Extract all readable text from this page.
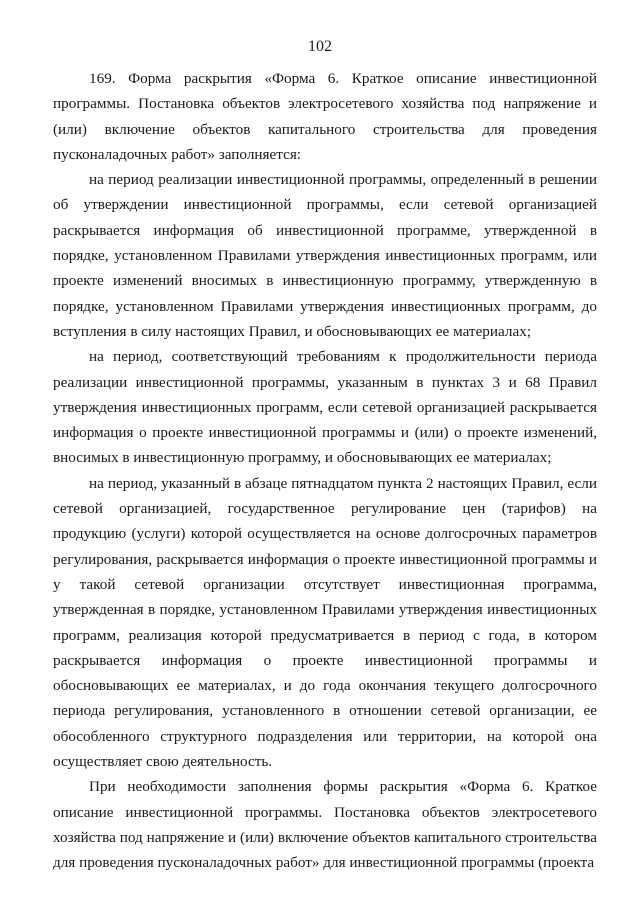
102

169. Форма раскрытия «Форма 6. Краткое описание инвестиционной программы. Постановка объектов электросетевого хозяйства под напряжение и (или) включение объектов капитального строительства для проведения пусконаладочных работ» заполняется:

на период реализации инвестиционной программы, определенный в решении об утверждении инвестиционной программы, если сетевой организацией раскрывается информация об инвестиционной программе, утвержденной в порядке, установленном Правилами утверждения инвестиционных программ, или проекте изменений вносимых в инвестиционную программу, утвержденную в порядке, установленном Правилами утверждения инвестиционных программ, до вступления в силу настоящих Правил, и обосновывающих ее материалах;

на период, соответствующий требованиям к продолжительности периода реализации инвестиционной программы, указанным в пунктах 3 и 68 Правил утверждения инвестиционных программ, если сетевой организацией раскрывается информация о проекте инвестиционной программы и (или) о проекте изменений, вносимых в инвестиционную программу, и обосновывающих ее материалах;

на период, указанный в абзаце пятнадцатом пункта 2 настоящих Правил, если сетевой организацией, государственное регулирование цен (тарифов) на продукцию (услуги) которой осуществляется на основе долгосрочных параметров регулирования, раскрывается информация о проекте инвестиционной программы и у такой сетевой организации отсутствует инвестиционная программа, утвержденная в порядке, установленном Правилами утверждения инвестиционных программ, реализация которой предусматривается в период с года, в котором раскрывается информация о проекте инвестиционной программы и обосновывающих ее материалах, и до года окончания текущего долгосрочного периода регулирования, установленного в отношении сетевой организации, ее обособленного структурного подразделения или территории, на которой она осуществляет свою деятельность.

При необходимости заполнения формы раскрытия «Форма 6. Краткое описание инвестиционной программы. Постановка объектов электросетевого хозяйства под напряжение и (или) включение объектов капитального строительства для проведения пусконаладочных работ» для инвестиционной программы (проекта
